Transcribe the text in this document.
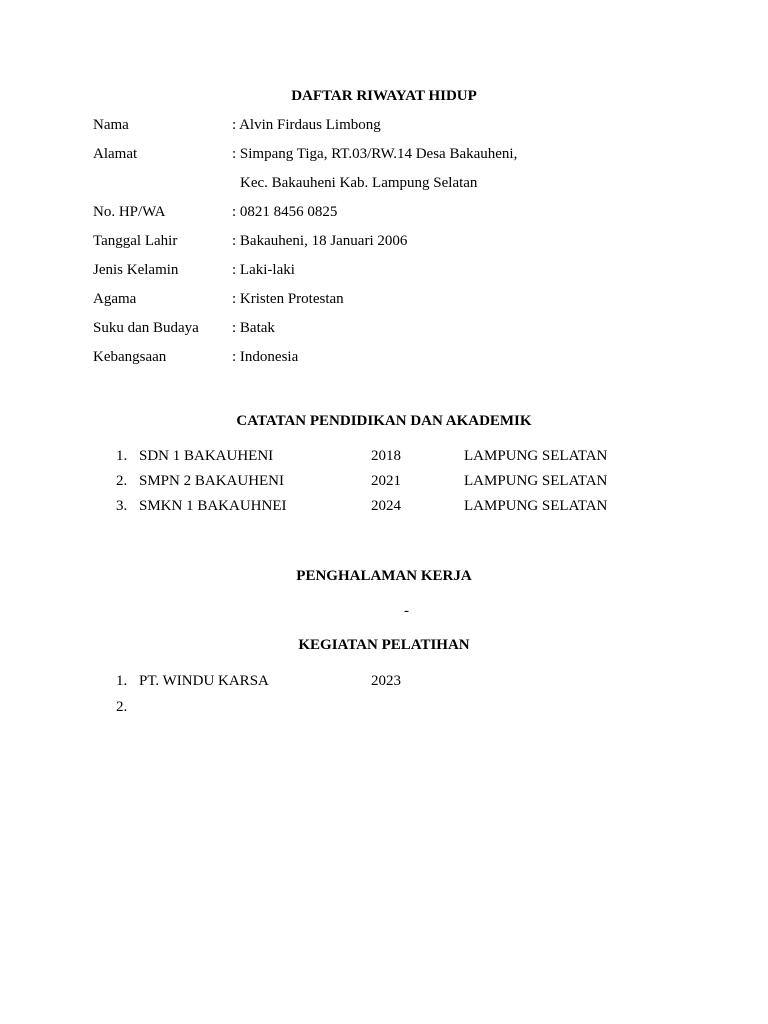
DAFTAR RIWAYAT HIDUP
Nama	: Alvin Firdaus Limbong
Alamat	: Simpang Tiga, RT.03/RW.14 Desa Bakauheni,
Kec. Bakauheni Kab. Lampung Selatan
No. HP/WA	: 0821 8456 0825
Tanggal Lahir	: Bakauheni, 18 Januari 2006
Jenis Kelamin	: Laki-laki
Agama	: Kristen Protestan
Suku dan Budaya : Batak
Kebangsaan	: Indonesia
CATATAN PENDIDIKAN DAN AKADEMIK
1. SDN 1 BAKAUHENI	2018	LAMPUNG SELATAN
2. SMPN 2 BAKAUHENI	2021	LAMPUNG SELATAN
3. SMKN 1 BAKAUHNEI	2024	LAMPUNG SELATAN
PENGHALAMAN KERJA
-
KEGIATAN PELATIHAN
1. PT. WINDU KARSA	2023
2.
